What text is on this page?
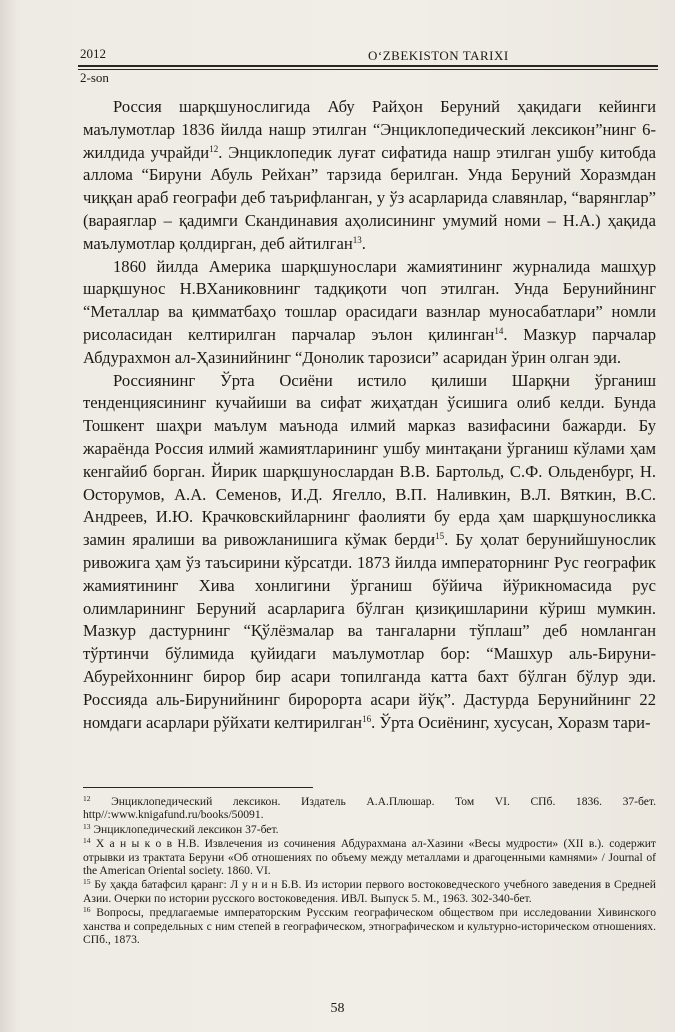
2012	O‘ZBEKISTON TARIXI
2-son

Россия шарқшунослигида Абу Райҳон Беруний ҳақидаги кейинги маълумотлар 1836 йилда нашр этилган “Энциклопедический лексикон”нинг 6-жилдида учрайди$^{12}$. Энциклопедик луғат сифатида нашр этилган ушбу китобда аллома “Бируни Абуль Рейхан” тарзида берилган. Унда Беруний Хоразмдан чиққан араб географи деб таърифланган, у ўз асарларида славянлар, “варянглар” (вараяглар – қадимги Скандинавия аҳолисининг умумий номи – Н.А.) ҳақида маълумотлар қолдирган, деб айтилган$^{13}$.

1860 йилда Америка шарқшунослари жамиятининг журналида машҳур шарқшунос Н.ВХаниковнинг тадқиқоти чоп этилган. Унда Берунийнинг “Металлар ва қимматбаҳо тошлар орасидаги вазнлар муносабатлари” номли рисоласидан келтирилган парчалар эълон қилинган$^{14}$. Мазкур парчалар Абдурахмон ал-Ҳазинийнинг “Донолик тарозиси” асаридан ўрин олган эди.

Россиянинг Ўрта Осиёни истило қилиши Шарқни ўрганиш тенденциясининг кучайиши ва сифат жиҳатдан ўсишига олиб келди. Бунда Тошкент шаҳри маълум маънода илмий марказ вазифасини бажарди. Бу жараёнда Россия илмий жамиятларининг ушбу минтақани ўрганиш кўлами ҳам кенгайиб борган. Йирик шарқшунослардан В.В. Бартольд, С.Ф. Ольденбург, Н. Осторумов, А.А. Семенов, И.Д. Ягелло, В.П. Наливкин, В.Л. Вяткин, В.С. Андреев, И.Ю. Крачковскийларнинг фаолияти бу ерда ҳам шарқшуносликка замин яралиши ва ривожланишига кўмак берди$^{15}$. Бу ҳолат берунийшунослик ривожига ҳам ўз таъсирини кўрсатди. 1873 йилда императорнинг Рус географик жамиятининг Хива хонлигини ўрганиш бўйича йўрикномасида рус олимларининг Беруний асарларига бўлган қизиқишларини кўриш мумкин. Мазкур дастурнинг “Қўлёзмалар ва тангаларни тўплаш” деб номланган тўртинчи бўлимида қуйидаги маълумотлар бор: “Машхур аль-Бируни-Абурейхоннинг бирор бир асари топилганда катта бахт бўлган бўлур эди. Россияда аль-Бирунийнинг биророрта асари йўқ”. Дастурда Берунийнинг 22 номдаги асарлари рўйхати келтирилган$^{16}$. Ўрта Осиёнинг, хусусан, Хоразм тари-

$^{12}$ Энциклопедический лексикон. Издатель А.А.Плюшар. Том VI. СПб. 1836. 37-бет. http//:www.knigafund.ru/books/50091.

$^{13}$ Энциклопедический лексикон 37-бет.

$^{14}$ Х а н ы к о в Н.В. Извлечения из сочинения Абдурахмана ал-Хазини «Весы мудрости» (XII в.). содержит отрывки из трактата Беруни «Об отношениях по объему между металлами и драгоценными камнями» / Journal of the American Oriental society. 1860. VI.

$^{15}$ Бу ҳақда батафсил қаранг: Л у н и н Б.В. Из истории первого востоковедческого учебного заведения в Средней Азии. Очерки по истории русского востоковедения. ИВЛ. Выпуск 5. М., 1963. 302-340-бет.

$^{16}$ Вопросы, предлагаемые императорским Русским географическом обществом при исследовании Хивинского ханства и сопредельных с ним степей в географическом, этнографическом и культурно-историческом отношениях. СПб., 1873.

58
